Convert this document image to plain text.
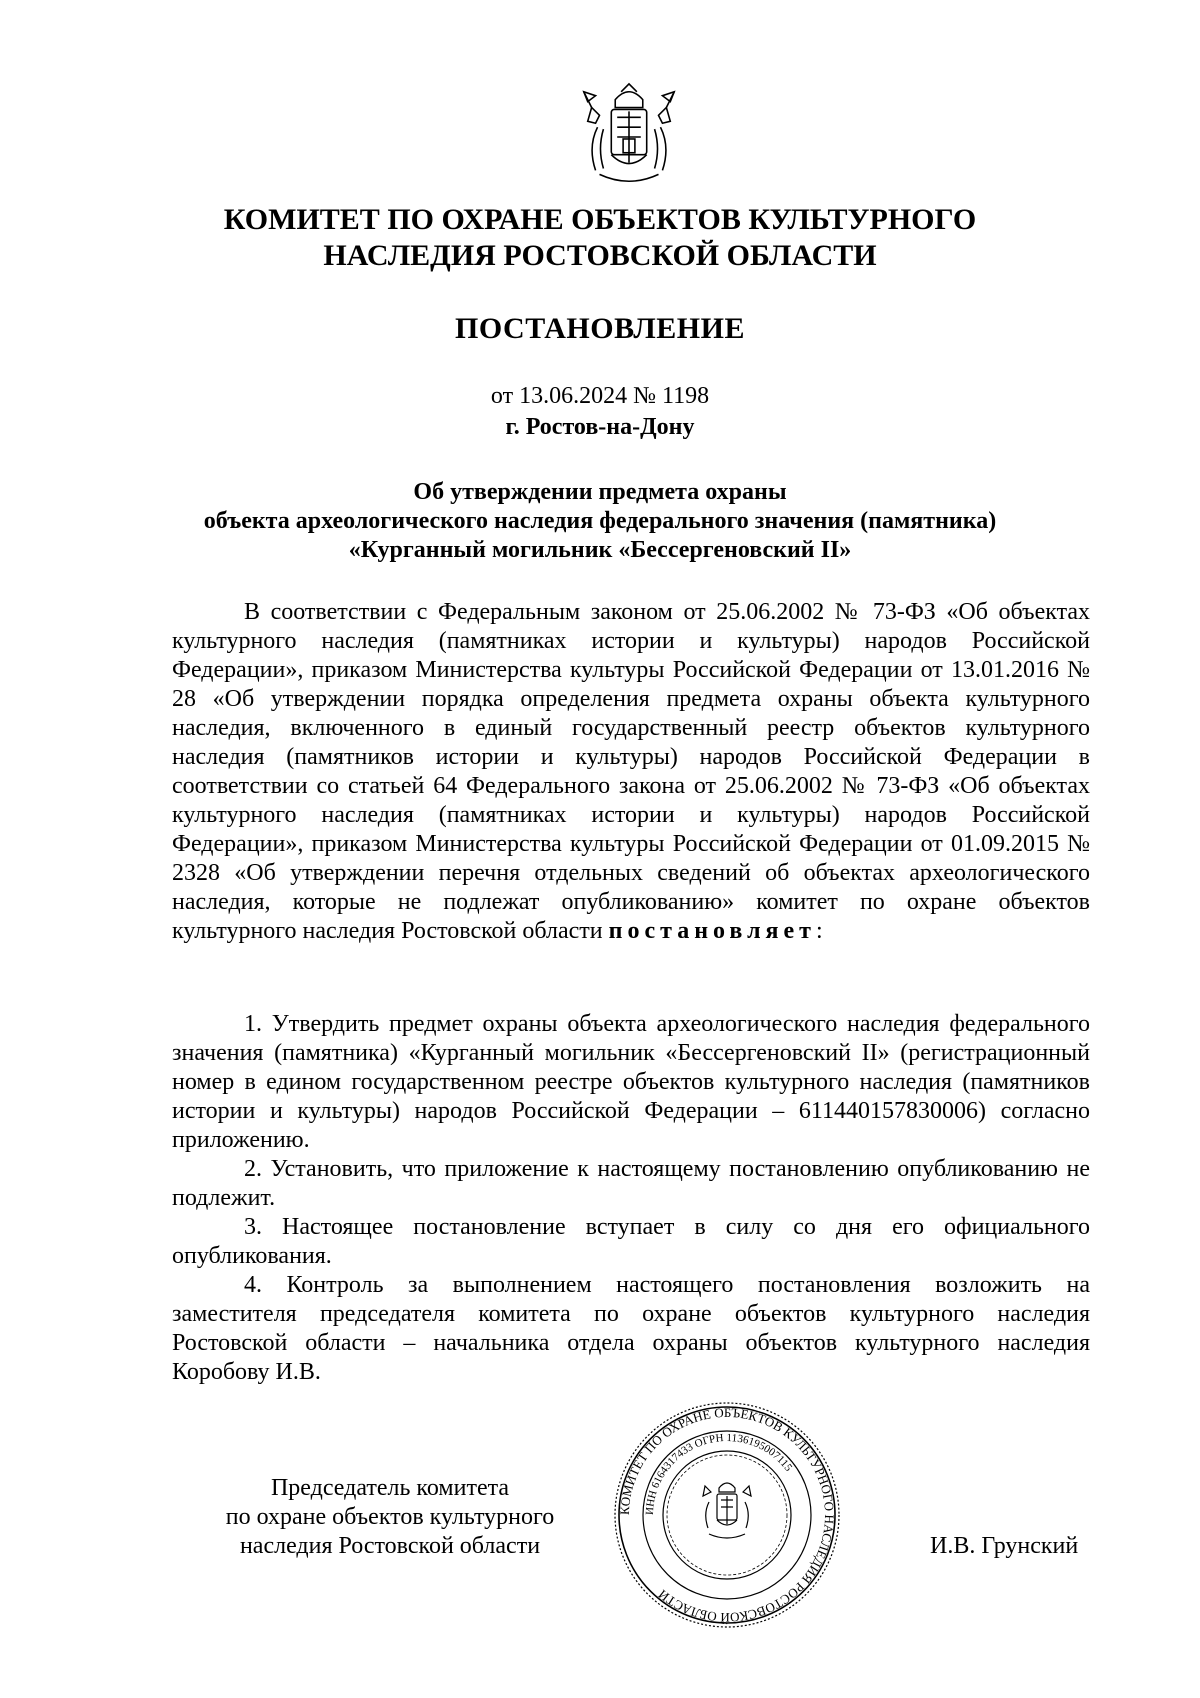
КОМИТЕТ ПО ОХРАНЕ ОБЪЕКТОВ КУЛЬТУРНОГО
НАСЛЕДИЯ РОСТОВСКОЙ ОБЛАСТИ
ПОСТАНОВЛЕНИЕ
от 13.06.2024 № 1198
г. Ростов-на-Дону
Об утверждении предмета охраны
объекта археологического наследия федерального значения (памятника)
«Курганный могильник «Бессергеновский II»

В соответствии с Федеральным законом от 25.06.2002 № 73-ФЗ «Об объектах культурного наследия (памятниках истории и культуры) народов Российской Федерации», приказом Министерства культуры Российской Федерации от 13.01.2016 № 28 «Об утверждении порядка определения предмета охраны объекта культурного наследия, включенного в единый государственный реестр объектов культурного наследия (памятников истории и культуры) народов Российской Федерации в соответствии со статьей 64 Федерального закона от 25.06.2002 № 73-ФЗ «Об объектах культурного наследия (памятниках истории и культуры) народов Российской Федерации», приказом Министерства культуры Российской Федерации от 01.09.2015 № 2328 «Об утверждении перечня отдельных сведений об объектах археологического наследия, которые не подлежат опубликованию» комитет по охране объектов культурного наследия Ростовской области постановляет:

1. Утвердить предмет охраны объекта археологического наследия федерального значения (памятника) «Курганный могильник «Бессергеновский II» (регистрационный номер в едином государственном реестре объектов культурного наследия (памятников истории и культуры) народов Российской Федерации – 611440157830006) согласно приложению.

2. Установить, что приложение к настоящему постановлению опубликованию не подлежит.

3. Настоящее постановление вступает в силу со дня его официального опубликования.

4. Контроль за выполнением настоящего постановления возложить на заместителя председателя комитета по охране объектов культурного наследия Ростовской области – начальника отдела охраны объектов культурного наследия Коробову И.В.

Председатель комитета
по охране объектов культурного
наследия Ростовской области
КОМИТЕТ ПО ОХРАНЕ ОБЪЕКТОВ КУЛЬТУРНОГО НАСЛЕДИЯ РОСТОВСКОЙ ОБЛАСТИ
ИНН 6164317433 ОГРН 1136195007115
И.В. Грунский
